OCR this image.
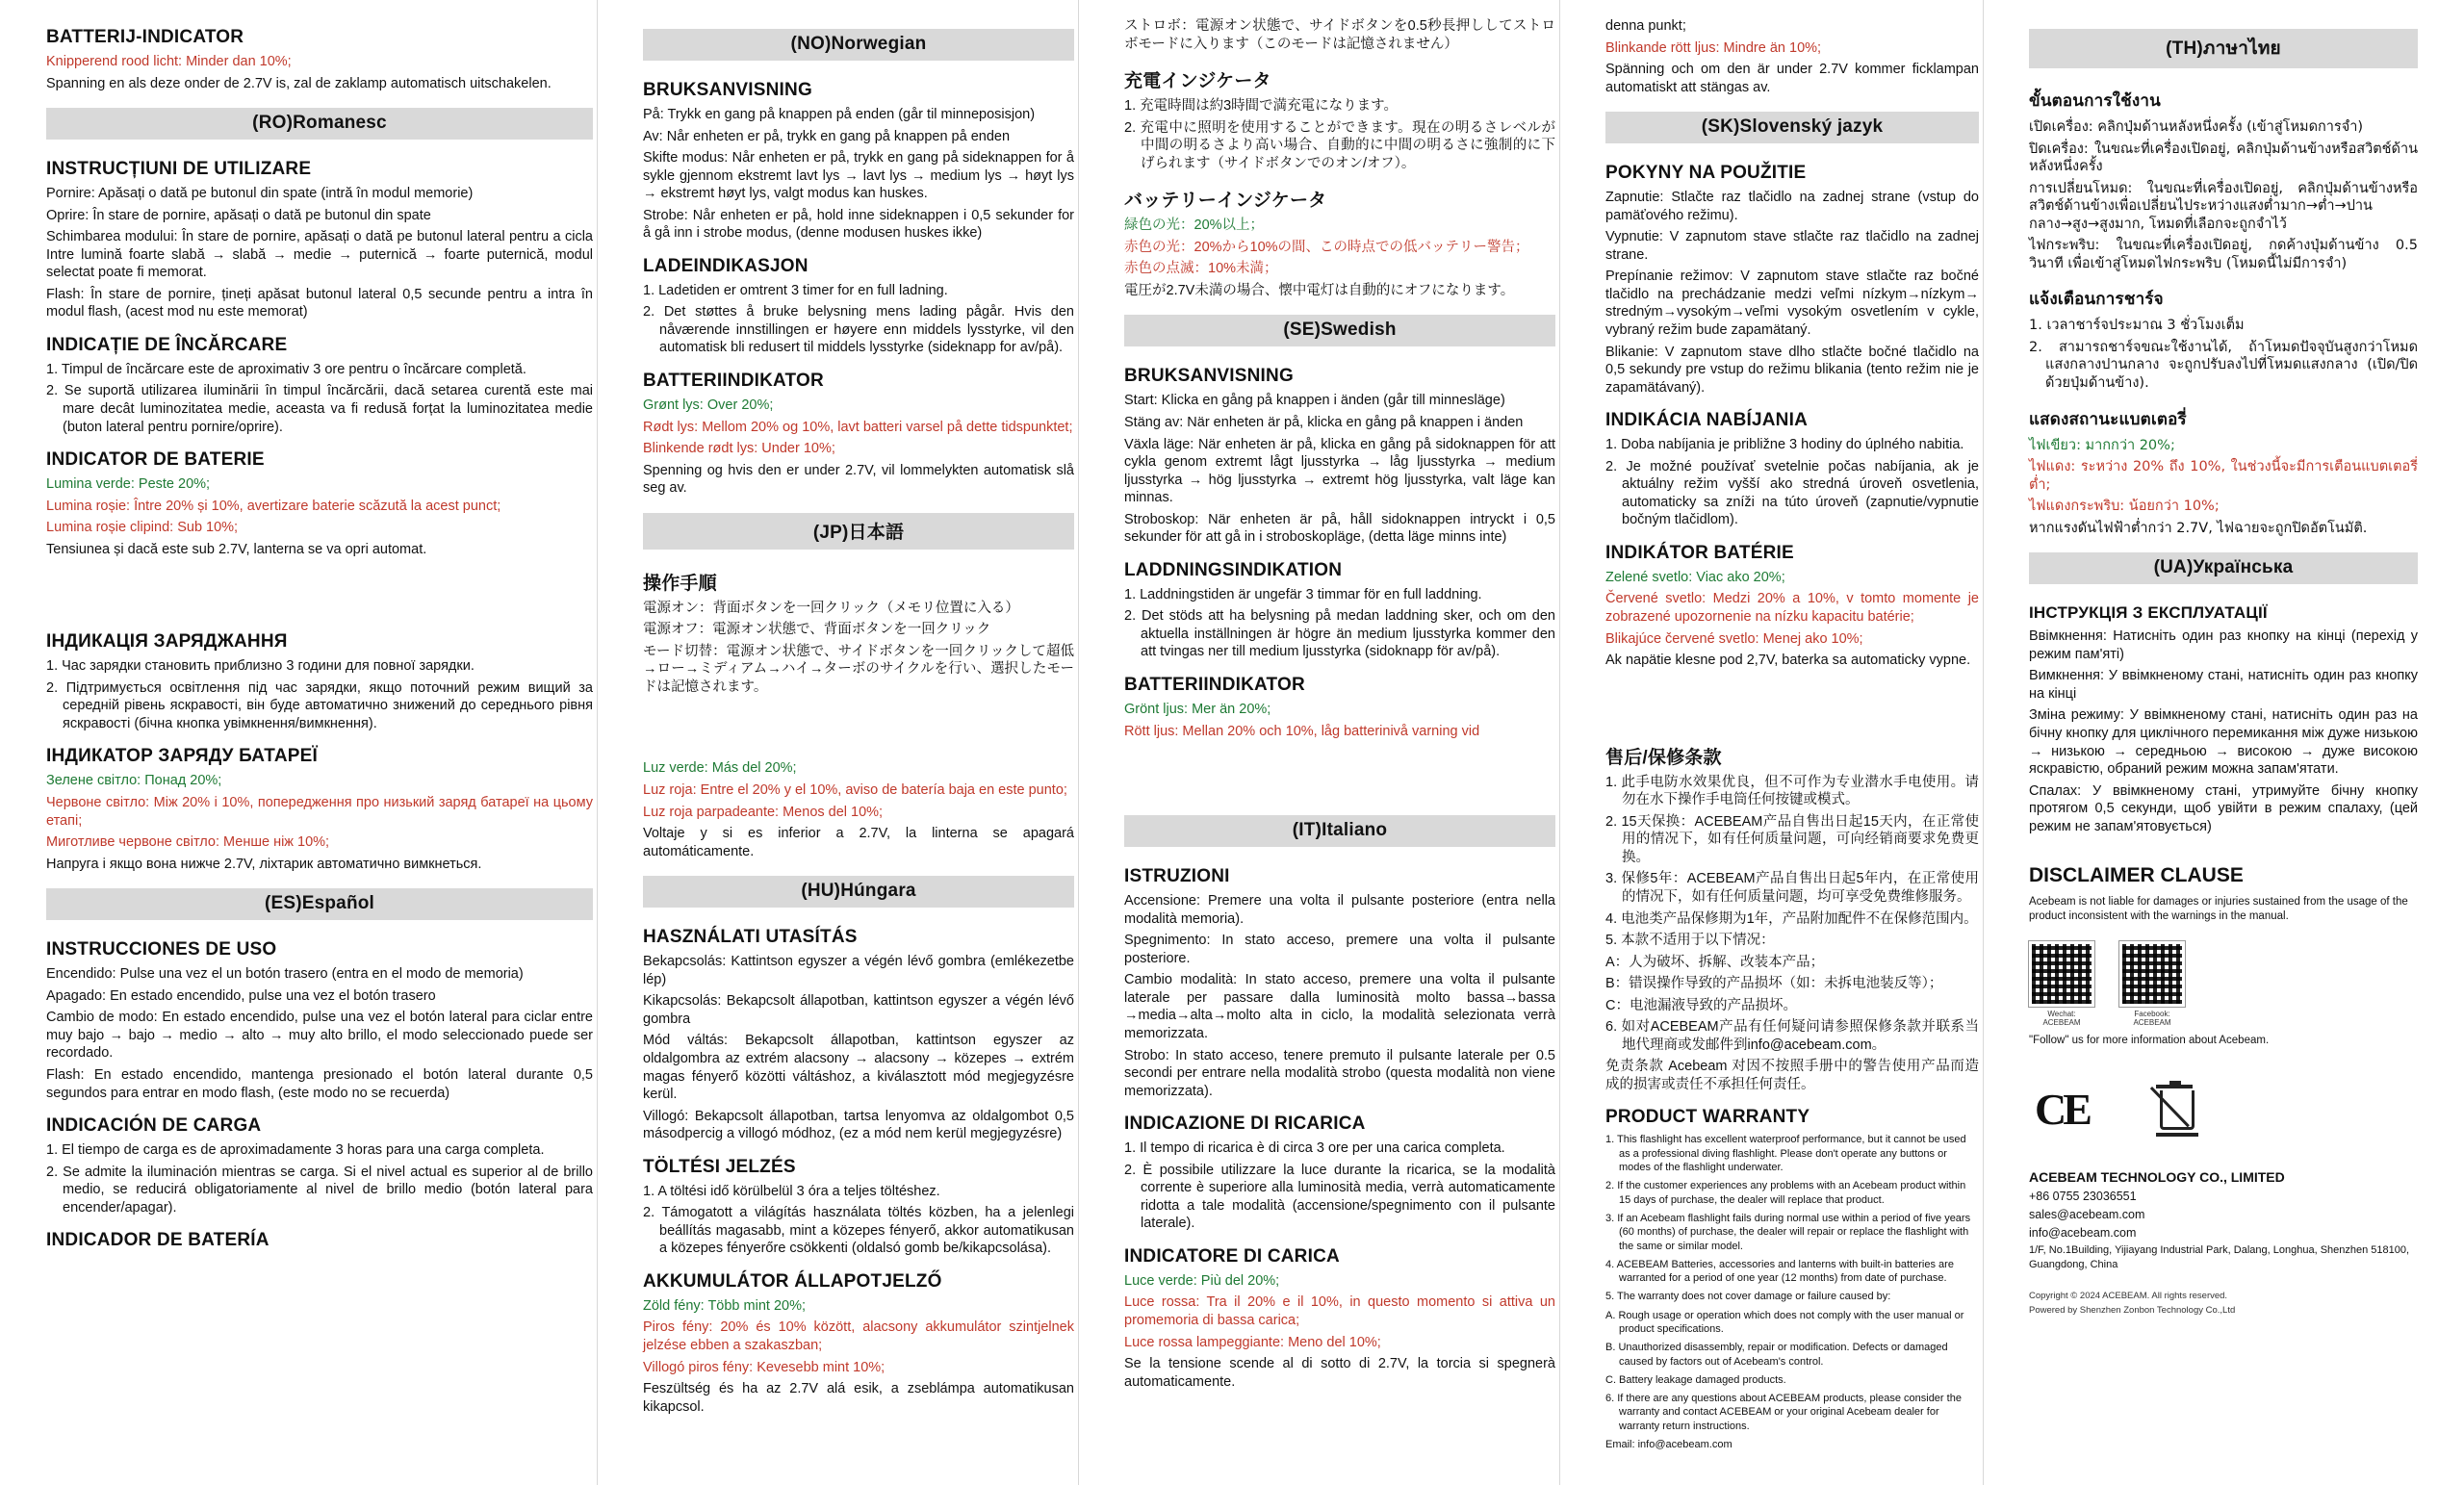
BATTERIJ-INDICATOR

Knipperend rood licht: Minder dan 10%;

Spanning en als deze onder de 2.7V is, zal de zaklamp automatisch uitschakelen.

(RO)Romanesc
INSTRUCȚIUNI DE UTILIZARE

Pornire: Apăsați o dată pe butonul din spate (intră în modul memorie)

Oprire: În stare de pornire, apăsați o dată pe butonul din spate

Schimbarea modului: În stare de pornire, apăsați o dată pe butonul lateral pentru a cicla Intre lumină foarte slabă → slabă → medie → puternică → foarte puternică, modul selectat poate fi memorat.

Flash: În stare de pornire, țineți apăsat butonul lateral 0,5 secunde pentru a intra în modul flash, (acest mod nu este memorat)

INDICAȚIE DE ÎNCĂRCARE

1. Timpul de încărcare este de aproximativ 3 ore pentru o încărcare completă.

2. Se suportă utilizarea iluminării în timpul încărcării, dacă setarea curentă este mai mare decât luminozitatea medie, aceasta va fi redusă forțat la luminozitatea medie (buton lateral pentru pornire/oprire).

INDICATOR DE BATERIE

Lumina verde: Peste 20%;

Lumina roșie: Între 20% și 10%, avertizare baterie scăzută la acest punct;

Lumina roșie clipind: Sub 10%;

Tensiunea și dacă este sub 2.7V, lanterna se va opri automat.

ІНДИКАЦІЯ ЗАРЯДЖАННЯ

1. Час зарядки становить приблизно 3 години для повної зарядки.

2. Підтримується освітлення під час зарядки, якщо поточний режим вищий за середній рівень яскравості, він буде автоматично знижений до середнього рівня яскравості (бічна кнопка увімкнення/вимкнення).

ІНДИКАТОР ЗАРЯДУ БАТАРЕЇ

Зелене світло: Понад 20%;

Червоне світло: Між 20% і 10%, попередження про низький заряд батареї на цьому етапі;

Миготливе червоне світло: Менше ніж 10%;

Напруга і якщо вона нижче 2.7V, ліхтарик автоматично вимкнеться.

(ES)Español
INSTRUCCIONES DE USO

Encendido: Pulse una vez el un botón trasero (entra en el modo de memoria)

Apagado: En estado encendido, pulse una vez el botón trasero

Cambio de modo: En estado encendido, pulse una vez el botón lateral para ciclar entre muy bajo → bajo → medio → alto → muy alto brillo, el modo seleccionado puede ser recordado.

Flash: En estado encendido, mantenga presionado el botón lateral durante 0,5 segundos para entrar en modo flash, (este modo no se recuerda)

INDICACIÓN DE CARGA

1. El tiempo de carga es de aproximadamente 3 horas para una carga completa.

2. Se admite la iluminación mientras se carga. Si el nivel actual es superior al de brillo medio, se reducirá obligatoriamente al nivel de brillo medio (botón lateral para encender/apagar).

INDICADOR DE BATERÍA
(NO)Norwegian
BRUKSANVISNING

På: Trykk en gang på knappen på enden (går til minneposisjon)

Av: Når enheten er på, trykk en gang på knappen på enden

Skifte modus: Når enheten er på, trykk en gang på sideknappen for å sykle gjennom ekstremt lavt lys → lavt lys → medium lys → høyt lys → ekstremt høyt lys, valgt modus kan huskes.

Strobe: Når enheten er på, hold inne sideknappen i 0,5 sekunder for å gå inn i strobe modus, (denne modusen huskes ikke)

LADEINDIKASJON

1. Ladetiden er omtrent 3 timer for en full ladning.

2. Det støttes å bruke belysning mens lading pågår. Hvis den nåværende innstillingen er høyere enn middels lysstyrke, vil den automatisk bli redusert til middels lysstyrke (sideknapp for av/på).

BATTERIINDIKATOR

Grønt lys: Over 20%;

Rødt lys: Mellom 20% og 10%, lavt batteri varsel på dette tidspunktet;

Blinkende rødt lys: Under 10%;

Spenning og hvis den er under 2.7V, vil lommelykten automatisk slå seg av.

(JP)日本語
操作手順

電源オン：背面ボタンを一回クリック（メモリ位置に入る）

電源オフ：電源オン状態で、背面ボタンを一回クリック

モード切替：電源オン状態で、サイドボタンを一回クリックして超低→ロー→ミディアム→ハイ→ターボのサイクルを行い、選択したモードは記憶されます。

Luz verde: Más del 20%;

Luz roja: Entre el 20% y el 10%, aviso de batería baja en este punto;

Luz roja parpadeante: Menos del 10%;

Voltaje y si es inferior a 2.7V, la linterna se apagará automáticamente.

(HU)Húngara
HASZNÁLATI UTASÍTÁS

Bekapcsolás: Kattintson egyszer a végén lévő gombra (emlékezetbe lép)

Kikapcsolás: Bekapcsolt állapotban, kattintson egyszer a végén lévő gombra

Mód váltás: Bekapcsolt állapotban, kattintson egyszer az oldalgombra az extrém alacsony → alacsony → közepes → extrém magas fényerő közötti váltáshoz, a kiválasztott mód megjegyzésre kerül.

Villogó: Bekapcsolt állapotban, tartsa lenyomva az oldalgombot 0,5 másodpercig a villogó módhoz, (ez a mód nem kerül megjegyzésre)

TÖLTÉSI JELZÉS

1. A töltési idő körülbelül 3 óra a teljes töltéshez.

2. Támogatott a világítás használata töltés közben, ha a jelenlegi beállítás magasabb, mint a közepes fényerő, akkor automatikusan a közepes fényerőre csökkenti (oldalsó gomb be/kikapcsolása).

AKKUMULÁTOR ÁLLAPOTJELZŐ

Zöld fény: Több mint 20%;

Piros fény: 20% és 10% között, alacsony akkumulátor szintjelnek jelzése ebben a szakaszban;

Villogó piros fény: Kevesebb mint 10%;

Feszültség és ha az 2.7V alá esik, a zseblámpa automatikusan kikapcsol.

ストロボ：電源オン状態で、サイドボタンを0.5秒長押ししてストロボモードに入ります（このモードは記憶されません）

充電インジケータ

1. 充電時間は約3時間で満充電になります。

2. 充電中に照明を使用することができます。現在の明るさレベルが中間の明るさより高い場合、自動的に中間の明るさに強制的に下げられます（サイドボタンでのオン/オフ）。

バッテリーインジケータ

緑色の光：20%以上；

赤色の光：20%から10%の間、この時点での低バッテリー警告；

赤色の点滅：10%未満；

電圧が2.7V未満の場合、懐中電灯は自動的にオフになります。

(SE)Swedish
BRUKSANVISNING

Start: Klicka en gång på knappen i änden (går till minnesläge)

Stäng av: När enheten är på, klicka en gång på knappen i änden

Växla läge: När enheten är på, klicka en gång på sidoknappen för att cykla genom extremt lågt ljusstyrka → låg ljusstyrka → medium ljusstyrka → hög ljusstyrka → extremt hög ljusstyrka, valt läge kan minnas.

Stroboskop: När enheten är på, håll sidoknappen intryckt i 0,5 sekunder för att gå in i stroboskopläge, (detta läge minns inte)

LADDNINGSINDIKATION

1. Laddningstiden är ungefär 3 timmar för en full laddning.

2. Det stöds att ha belysning på medan laddning sker, och om den aktuella inställningen är högre än medium ljusstyrka kommer den att tvingas ner till medium ljusstyrka (sidoknapp för av/på).

BATTERIINDIKATOR

Grönt ljus: Mer än 20%;

Rött ljus: Mellan 20% och 10%, låg batterinivå varning vid

(IT)Italiano
ISTRUZIONI

Accensione: Premere una volta il pulsante posteriore (entra nella modalità memoria).

Spegnimento: In stato acceso, premere una volta il pulsante posteriore.

Cambio modalità: In stato acceso, premere una volta il pulsante laterale per passare dalla luminosità molto bassa→bassa →media→alta→molto alta in ciclo, la modalità selezionata verrà memorizzata.

Strobo: In stato acceso, tenere premuto il pulsante laterale per 0.5 secondi per entrare nella modalità strobo (questa modalità non viene memorizzata).

INDICAZIONE DI RICARICA

1. Il tempo di ricarica è di circa 3 ore per una carica completa.

2. È possibile utilizzare la luce durante la ricarica, se la modalità corrente è superiore alla luminosità media, verrà automaticamente ridotta a tale modalità (accensione/spegnimento con il pulsante laterale).

INDICATORE DI CARICA

Luce verde: Più del 20%;

Luce rossa: Tra il 20% e il 10%, in questo momento si attiva un promemoria di bassa carica;

Luce rossa lampeggiante: Meno del 10%;

Se la tensione scende al di sotto di 2.7V, la torcia si spegnerà automaticamente.

denna punkt;

Blinkande rött ljus: Mindre än 10%;

Spänning och om den är under 2.7V kommer ficklampan automatiskt att stängas av.

(SK)Slovenský jazyk
POKYNY NA POUŽITIE

Zapnutie: Stlačte raz tlačidlo na zadnej strane (vstup do pamäťového režimu).

Vypnutie: V zapnutom stave stlačte raz tlačidlo na zadnej strane.

Prepínanie režimov: V zapnutom stave stlačte raz bočné tlačidlo na prechádzanie medzi veľmi nízkym→nízkym→ stredným→vysokým→veľmi vysokým osvetlením v cykle, vybraný režim bude zapamätaný.

Blikanie: V zapnutom stave dlho stlačte bočné tlačidlo na 0,5 sekundy pre vstup do režimu blikania (tento režim nie je zapamätávaný).

INDIKÁCIA NABÍJANIA

1. Doba nabíjania je približne 3 hodiny do úplného nabitia.

2. Je možné používať svetelnie počas nabíjania, ak je aktuálny režim vyšší ako stredná úroveň osvetlenia, automaticky sa zníži na túto úroveň (zapnutie/vypnutie bočným tlačidlom).

INDIKÁTOR BATÉRIE

Zelené svetlo: Viac ako 20%;

Červené svetlo: Medzi 20% a 10%, v tomto momente je zobrazené upozornenie na nízku kapacitu batérie;

Blikajúce červené svetlo: Menej ako 10%;

Ak napätie klesne pod 2,7V, baterka sa automaticky vypne.

售后/保修条款

1. 此手电防水效果优良，但不可作为专业潜水手电使用。请勿在水下操作手电筒任何按键或模式。

2. 15天保换：ACEBEAM产品自售出日起15天内，在正常使用的情况下，如有任何质量问题，可向经销商要求免费更换。

3. 保修5年：ACEBEAM产品自售出日起5年内，在正常使用的情况下，如有任何质量问题，均可享受免费维修服务。

4. 电池类产品保修期为1年，产品附加配件不在保修范围内。

5. 本款不适用于以下情况：

A：人为破坏、拆解、改装本产品；

B：错误操作导致的产品损坏（如：未拆电池装反等）；

C：电池漏液导致的产品损坏。

6. 如对ACEBEAM产品有任何疑问请参照保修条款并联系当地代理商或发邮件到info@acebeam.com。

免责条款 Acebeam 对因不按照手册中的警告使用产品而造成的损害或责任不承担任何责任。

PRODUCT WARRANTY

1. This flashlight has excellent waterproof performance, but it cannot be used as a professional diving flashlight. Please don't operate any buttons or modes of the flashlight underwater.

2. If the customer experiences any problems with an Acebeam product within 15 days of purchase, the dealer will replace that product.

3. If an Acebeam flashlight fails during normal use within a period of five years (60 months) of purchase, the dealer will repair or replace the flashlight with the same or similar model.

4. ACEBEAM Batteries, accessories and lanterns with built-in batteries are warranted for a period of one year (12 months) from date of purchase.

5. The warranty does not cover damage or failure caused by:

A. Rough usage or operation which does not comply with the user manual or product specifications.

B. Unauthorized disassembly, repair or modification. Defects or damaged caused by factors out of Acebeam's control.

C. Battery leakage damaged products.

6. If there are any questions about ACEBEAM products, please consider the warranty and contact ACEBEAM or your original Acebeam dealer for warranty return instructions.

Email: info@acebeam.com

(TH)ภาษาไทย
ขั้นตอนการใช้งาน

เปิดเครื่อง: คลิกปุ่มด้านหลังหนึ่งครั้ง (เข้าสู่โหมดการจำ)

ปิดเครื่อง: ในขณะที่เครื่องเปิดอยู่, คลิกปุ่มด้านข้างหรือสวิตช์ด้านหลังหนึ่งครั้ง

การเปลี่ยนโหมด: ในขณะที่เครื่องเปิดอยู่, คลิกปุ่มด้านข้างหรือสวิตช์ด้านข้างเพื่อเปลี่ยนไประหว่างแสงต่ำมาก→ต่ำ→ปานกลาง→สูง→สูงมาก, โหมดที่เลือกจะถูกจำไว้

ไฟกระพริบ: ในขณะที่เครื่องเปิดอยู่, กดค้างปุ่มด้านข้าง 0.5 วินาที เพื่อเข้าสู่โหมดไฟกระพริบ (โหมดนี้ไม่มีการจำ)

แจ้งเตือนการชาร์จ

1. เวลาชาร์จประมาณ 3 ชั่วโมงเต็ม

2. สามารถชาร์จขณะใช้งานได้, ถ้าโหมดปัจจุบันสูงกว่าโหมดแสงกลางปานกลาง จะถูกปรับลงไปที่โหมดแสงกลาง (เปิด/ปิดด้วยปุ่มด้านข้าง).

แสดงสถานะแบตเตอรี่

ไฟเขียว: มากกว่า 20%;

ไฟแดง: ระหว่าง 20% ถึง 10%, ในช่วงนี้จะมีการเตือนแบตเตอรี่ต่ำ;

ไฟแดงกระพริบ: น้อยกว่า 10%;

หากแรงดันไฟฟ้าต่ำกว่า 2.7V, ไฟฉายจะถูกปิดอัตโนมัติ.

(UA)Українська
ІНСТРУКЦІЯ З ЕКСПЛУАТАЦІЇ

Ввімкнення: Натисніть один раз кнопку на кінці (перехід у режим пам'яті)

Вимкнення: У ввімкненому стані, натисніть один раз кнопку на кінці

Зміна режиму: У ввімкненому стані, натисніть один раз на бічну кнопку для циклічного перемикання між дуже низькою → низькою → середньою → високою → дуже високою яскравістю, обраний режим можна запам'ятати.

Спалах: У ввімкненому стані, утримуйте бічну кнопку протягом 0,5 секунди, щоб увійти в режим спалаху, (цей режим не запам'ятовується)

DISCLAIMER CLAUSE

Acebeam is not liable for damages or injuries sustained from the usage of the product inconsistent with the warnings in the manual.

Wechat: ACEBEAM
Facebook: ACEBEAM

"Follow" us for more information about Acebeam.

CE
ACEBEAM TECHNOLOGY CO., LIMITED
+86 0755 23036551
sales@acebeam.com
info@acebeam.com
1/F, No.1Building, Yijiayang Industrial Park, Dalang, Longhua, Shenzhen 518100, Guangdong, China
Copyright © 2024 ACEBEAM. All rights reserved.
Powered by Shenzhen Zonbon Technology Co.,Ltd
